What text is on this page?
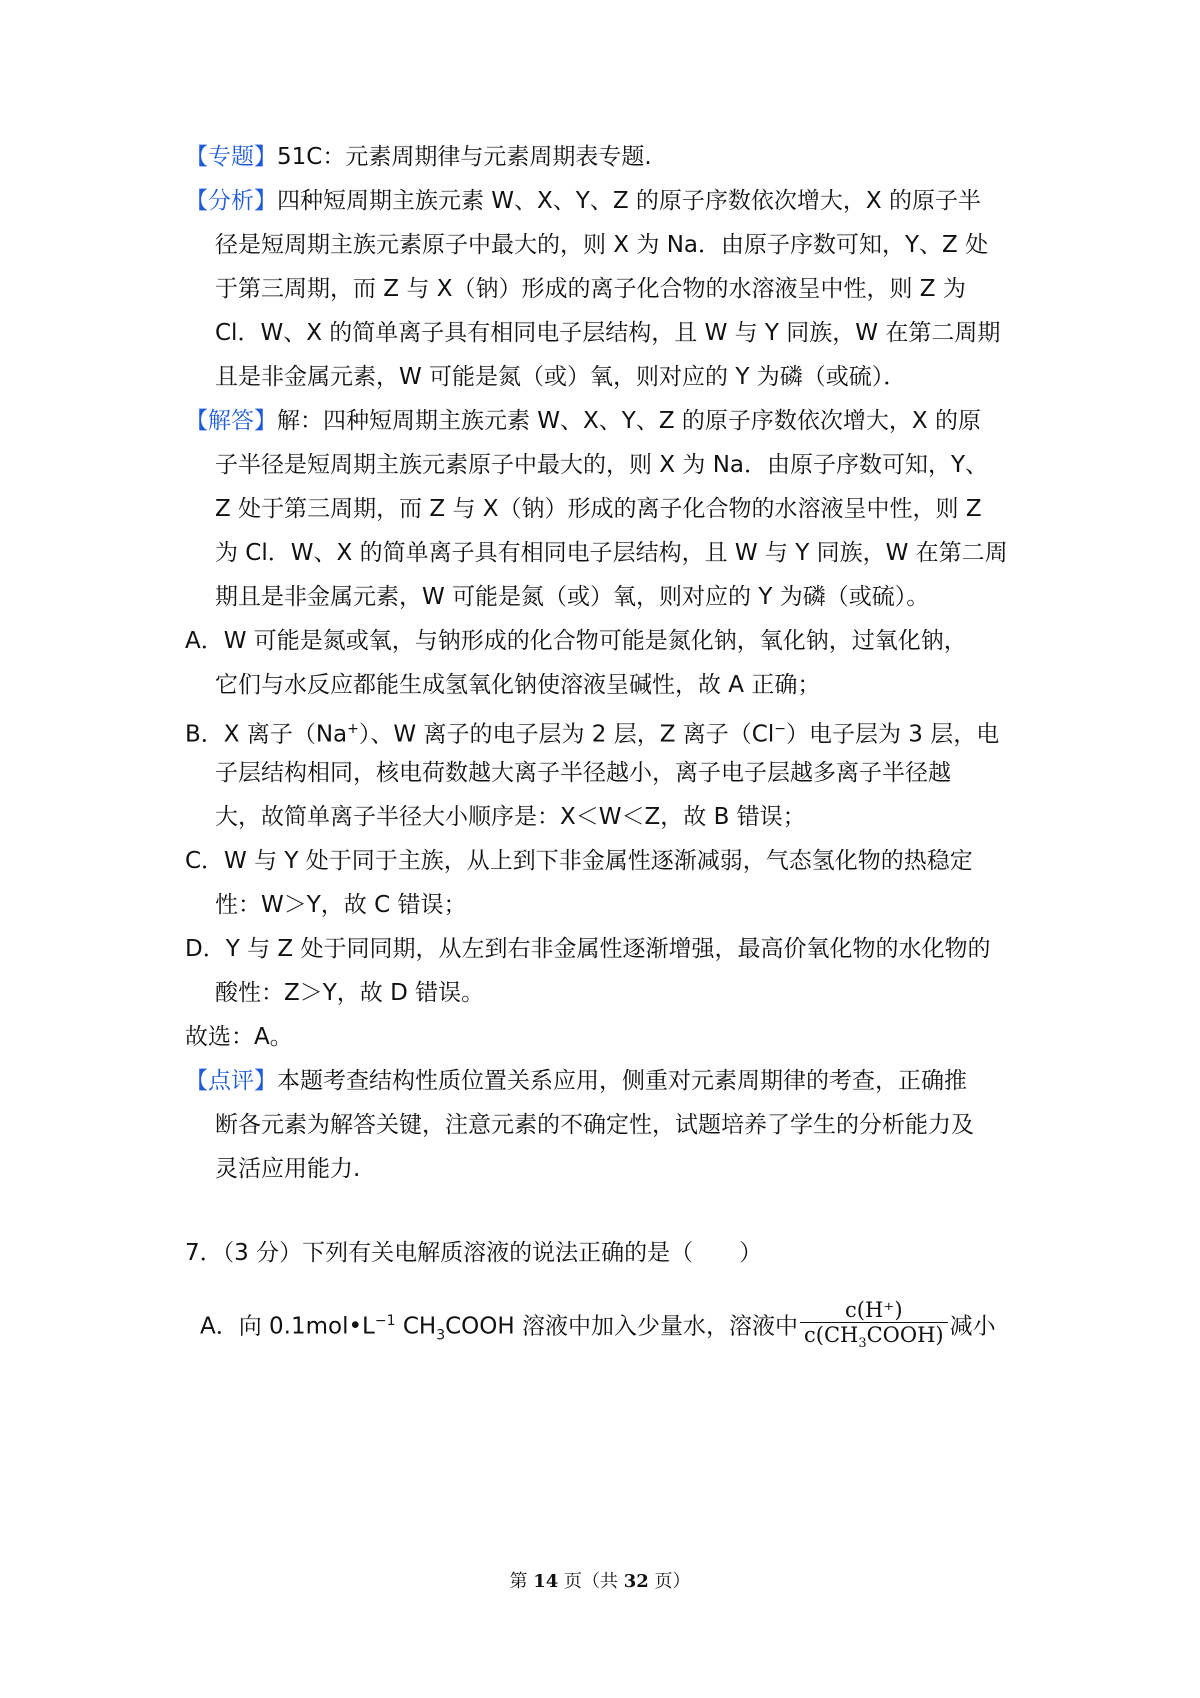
【专题】51C：元素周期律与元素周期表专题.
【分析】四种短周期主族元素 W、X、Y、Z 的原子序数依次增大，X 的原子半
径是短周期主族元素原子中最大的，则 X 为 Na．由原子序数可知，Y、Z 处
于第三周期，而 Z 与 X（钠）形成的离子化合物的水溶液呈中性，则 Z 为
Cl．W、X 的简单离子具有相同电子层结构，且 W 与 Y 同族，W 在第二周期
且是非金属元素，W 可能是氮（或）氧，则对应的 Y 为磷（或硫）．
【解答】解：四种短周期主族元素 W、X、Y、Z 的原子序数依次增大，X 的原
子半径是短周期主族元素原子中最大的，则 X 为 Na．由原子序数可知，Y、
Z 处于第三周期，而 Z 与 X（钠）形成的离子化合物的水溶液呈中性，则 Z
为 Cl．W、X 的简单离子具有相同电子层结构，且 W 与 Y 同族，W 在第二周
期且是非金属元素，W 可能是氮（或）氧，则对应的 Y 为磷（或硫）。
A．W 可能是氮或氧，与钠形成的化合物可能是氮化钠，氧化钠，过氧化钠，
它们与水反应都能生成氢氧化钠使溶液呈碱性，故 A 正确；
B．X 离子（Na+）、W 离子的电子层为 2 层，Z 离子（Cl−）电子层为 3 层，电
子层结构相同，核电荷数越大离子半径越小，离子电子层越多离子半径越
大，故简单离子半径大小顺序是：X＜W＜Z，故 B 错误；
C．W 与 Y 处于同于主族，从上到下非金属性逐渐减弱，气态氢化物的热稳定
性：W＞Y，故 C 错误；
D．Y 与 Z 处于同同期，从左到右非金属性逐渐增强，最高价氧化物的水化物的
酸性：Z＞Y，故 D 错误。
故选：A。
【点评】本题考查结构性质位置关系应用，侧重对元素周期律的考查，正确推
断各元素为解答关键，注意元素的不确定性，试题培养了学生的分析能力及
灵活应用能力.
7．（3 分）下列有关电解质溶液的说法正确的是（　　）
A．向 $0.1mol•L^{-1}$ $CH_3COOH$ 溶液中加入少量水，溶液中 $\frac{c(H^+)}{c(CH_3COOH)}$ 减小
第 14 页（共 32 页）
